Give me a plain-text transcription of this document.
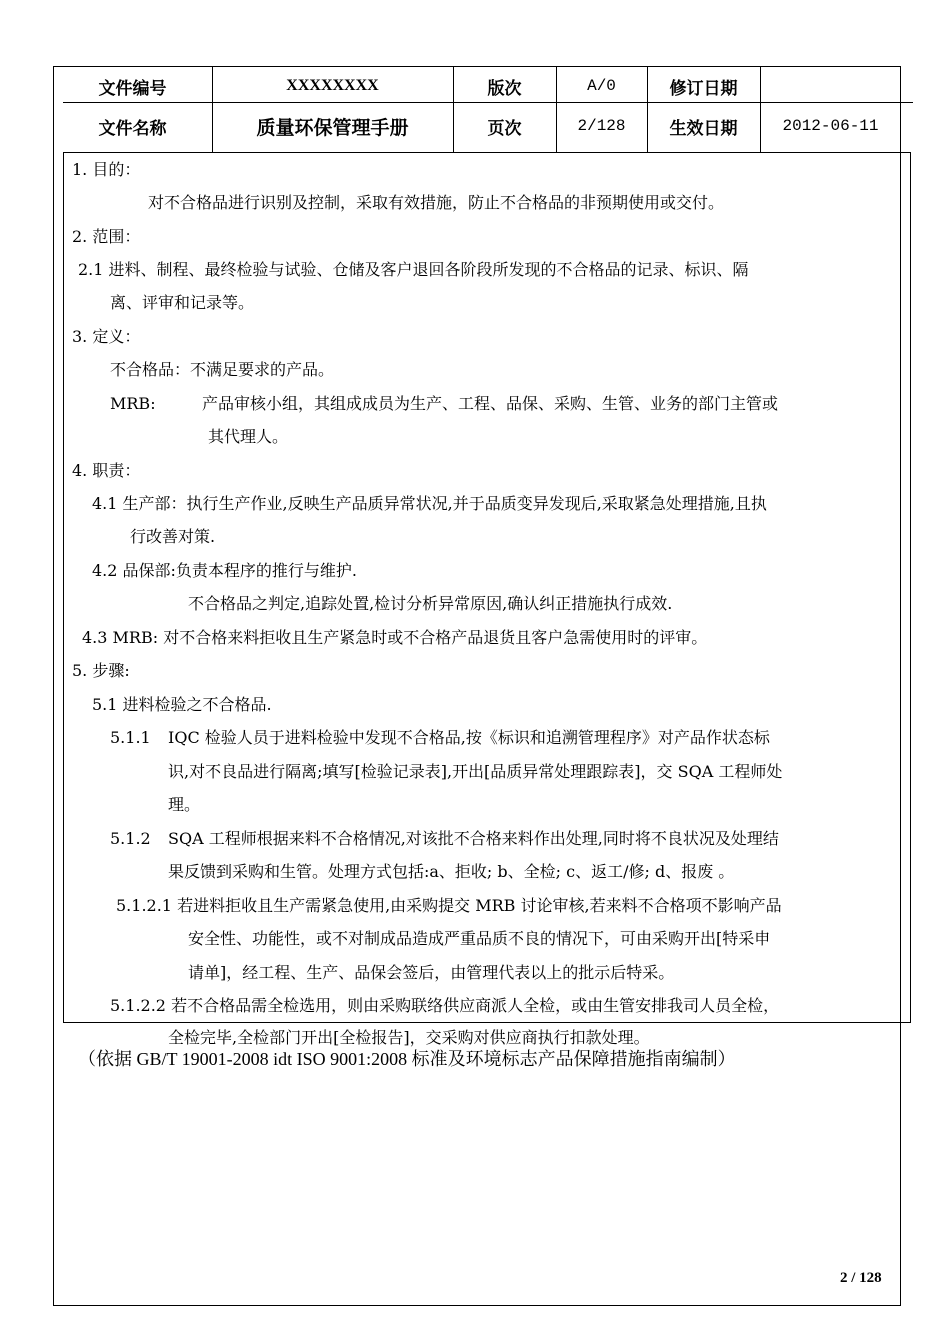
文件编号	XXXXXXXX	版次	A/0	修订日期
文件名称	质量环保管理手册	页次	2/128	生效日期	2012-06-11
1. 目的：
对不合格品进行识别及控制，采取有效措施，防止不合格品的非预期使用或交付。
2. 范围：
2.1 进料、制程、最终检验与试验、仓储及客户退回各阶段所发现的不合格品的记录、标识、隔
离、评审和记录等。
3. 定义：
不合格品：不满足要求的产品。
MRB:	产品审核小组，其组成成员为生产、工程、品保、采购、生管、业务的部门主管或
其代理人。
4. 职责：
4.1 生产部：执行生产作业,反映生产品质异常状况,并于品质变异发现后,采取紧急处理措施,且执
行改善对策.
4.2 品保部:负责本程序的推行与维护.
不合格品之判定,追踪处置,检讨分析异常原因,确认纠正措施执行成效.
4.3 MRB: 对不合格来料拒收且生产紧急时或不合格产品退货且客户急需使用时的评审。
5. 步骤:
5.1 进料检验之不合格品.
5.1.1 IQC 检验人员于进料检验中发现不合格品,按《标识和追溯管理程序》对产品作状态标
识,对不良品进行隔离;填写[检验记录表],开出[品质异常处理跟踪表]，交 SQA 工程师处
理。
5.1.2 SQA 工程师根据来料不合格情况,对该批不合格来料作出处理,同时将不良状况及处理结
果反馈到采购和生管。处理方式包括:a、拒收; b、全检; c、返工/修; d、报废 。
5.1.2.1 若进料拒收且生产需紧急使用,由采购提交 MRB 讨论审核,若来料不合格项不影响产品
安全性、功能性，或不对制成品造成严重品质不良的情况下，可由采购开出[特采申
请单]，经工程、生产、品保会签后，由管理代表以上的批示后特采。
5.1.2.2 若不合格品需全检选用，则由采购联络供应商派人全检，或由生管安排我司人员全检，
全检完毕,全检部门开出[全检报告]，交采购对供应商执行扣款处理。
（依据 GB/T 19001-2008 idt ISO 9001:2008 标准及环境标志产品保障措施指南编制）
2 / 128
